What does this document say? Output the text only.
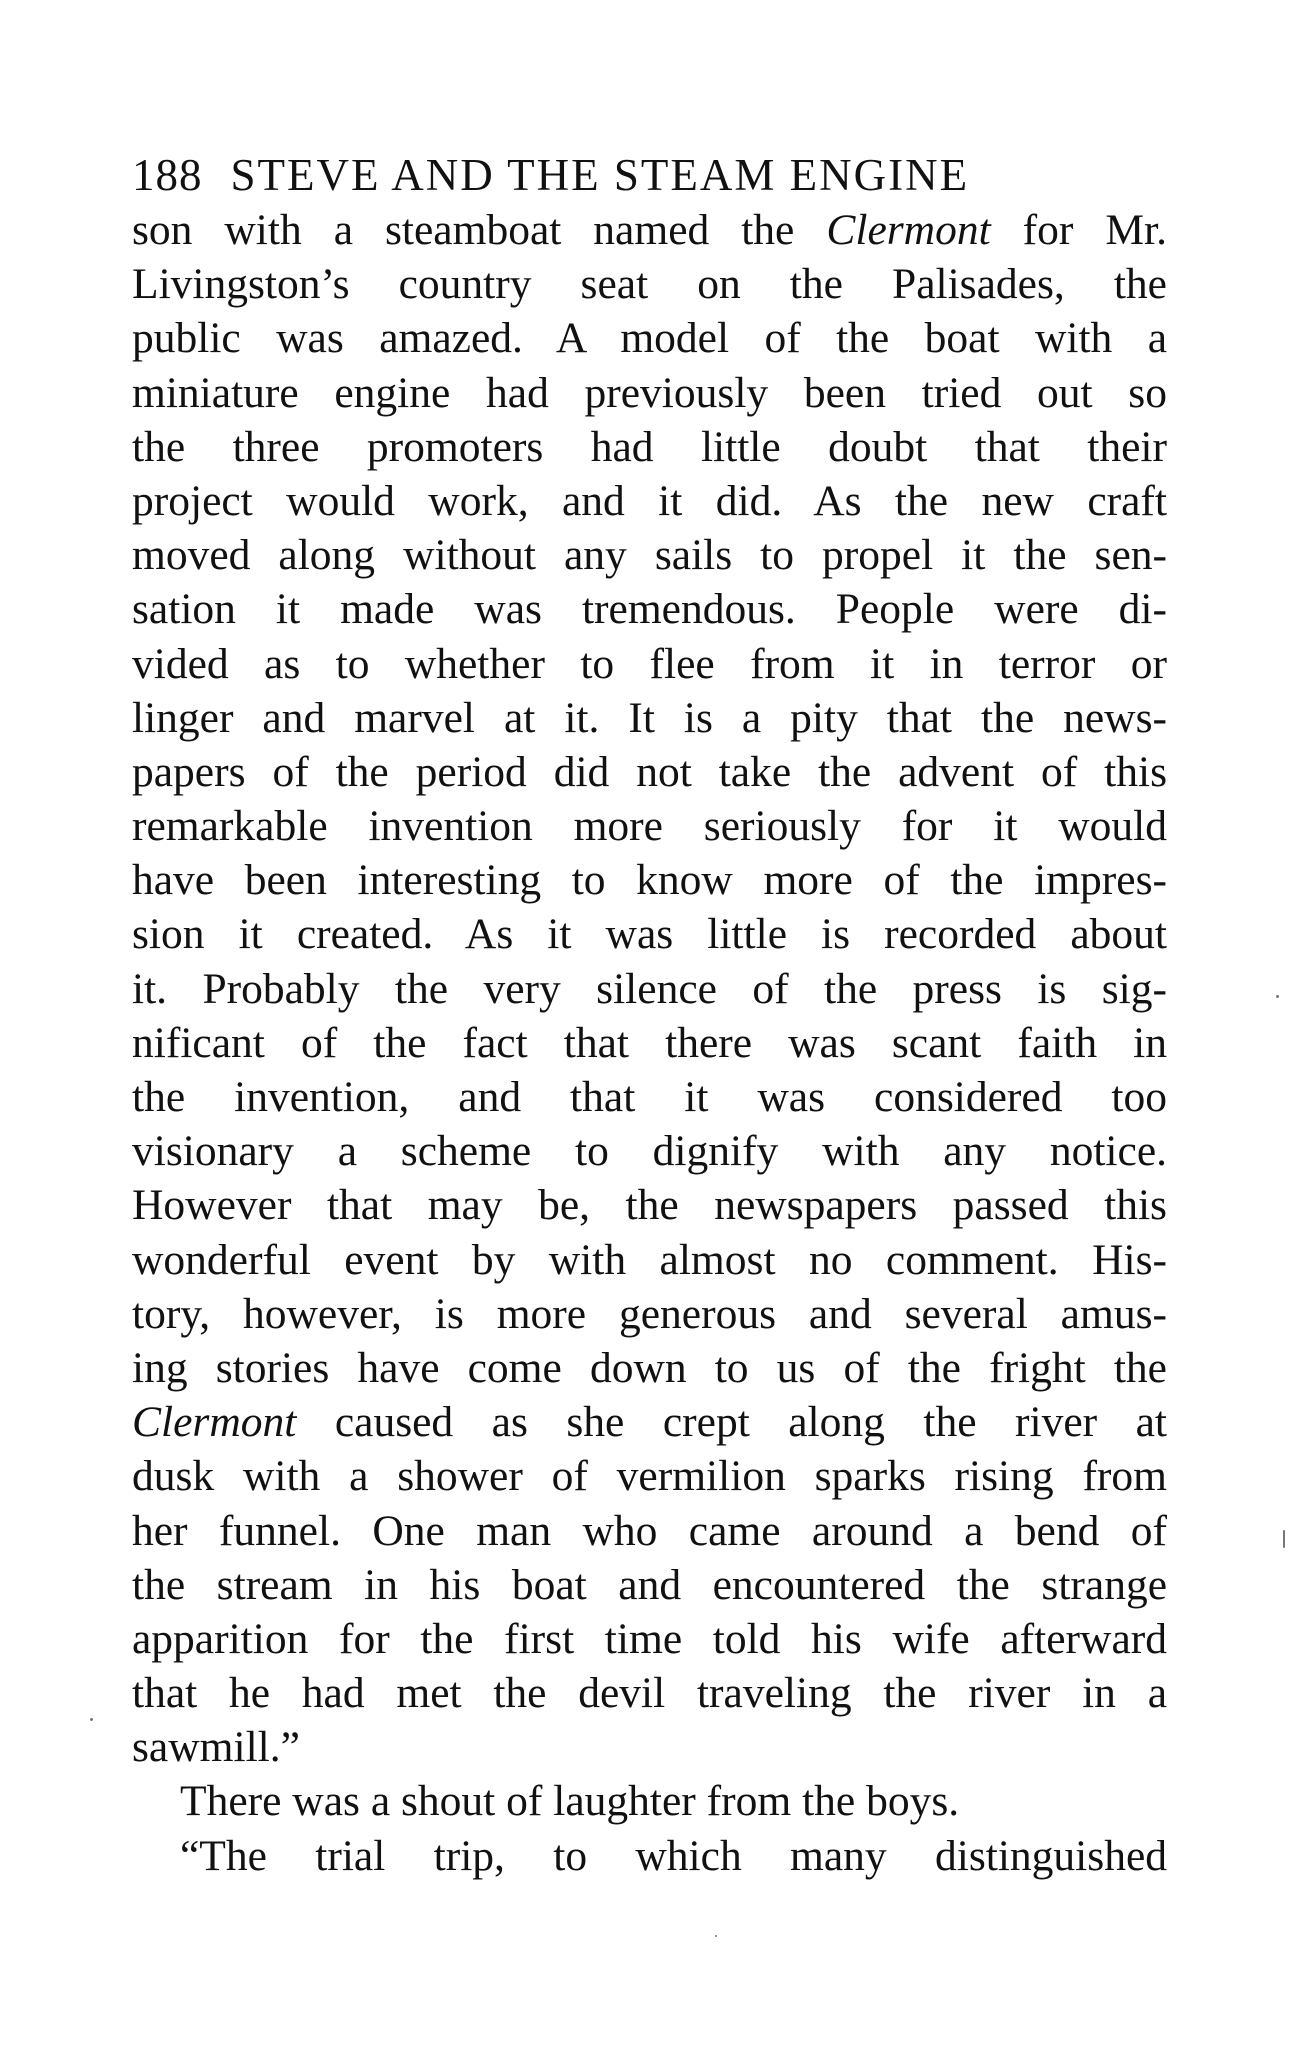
188 STEVE AND THE STEAM ENGINE
son with a steamboat named the Clermont for Mr.
Livingston’s country seat on the Palisades, the
public was amazed. A model of the boat with a
miniature engine had previously been tried out so
the three promoters had little doubt that their
project would work, and it did. As the new craft
moved along without any sails to propel it the sen-
sation it made was tremendous. People were di-
vided as to whether to flee from it in terror or
linger and marvel at it. It is a pity that the news-
papers of the period did not take the advent of this
remarkable invention more seriously for it would
have been interesting to know more of the impres-
sion it created. As it was little is recorded about
it. Probably the very silence of the press is sig-
nificant of the fact that there was scant faith in
the invention, and that it was considered too
visionary a scheme to dignify with any notice.
However that may be, the newspapers passed this
wonderful event by with almost no comment. His-
tory, however, is more generous and several amus-
ing stories have come down to us of the fright the
Clermont caused as she crept along the river at
dusk with a shower of vermilion sparks rising from
her funnel. One man who came around a bend of
the stream in his boat and encountered the strange
apparition for the first time told his wife afterward
that he had met the devil traveling the river in a
sawmill.”
There was a shout of laughter from the boys.
“The trial trip, to which many distinguished
